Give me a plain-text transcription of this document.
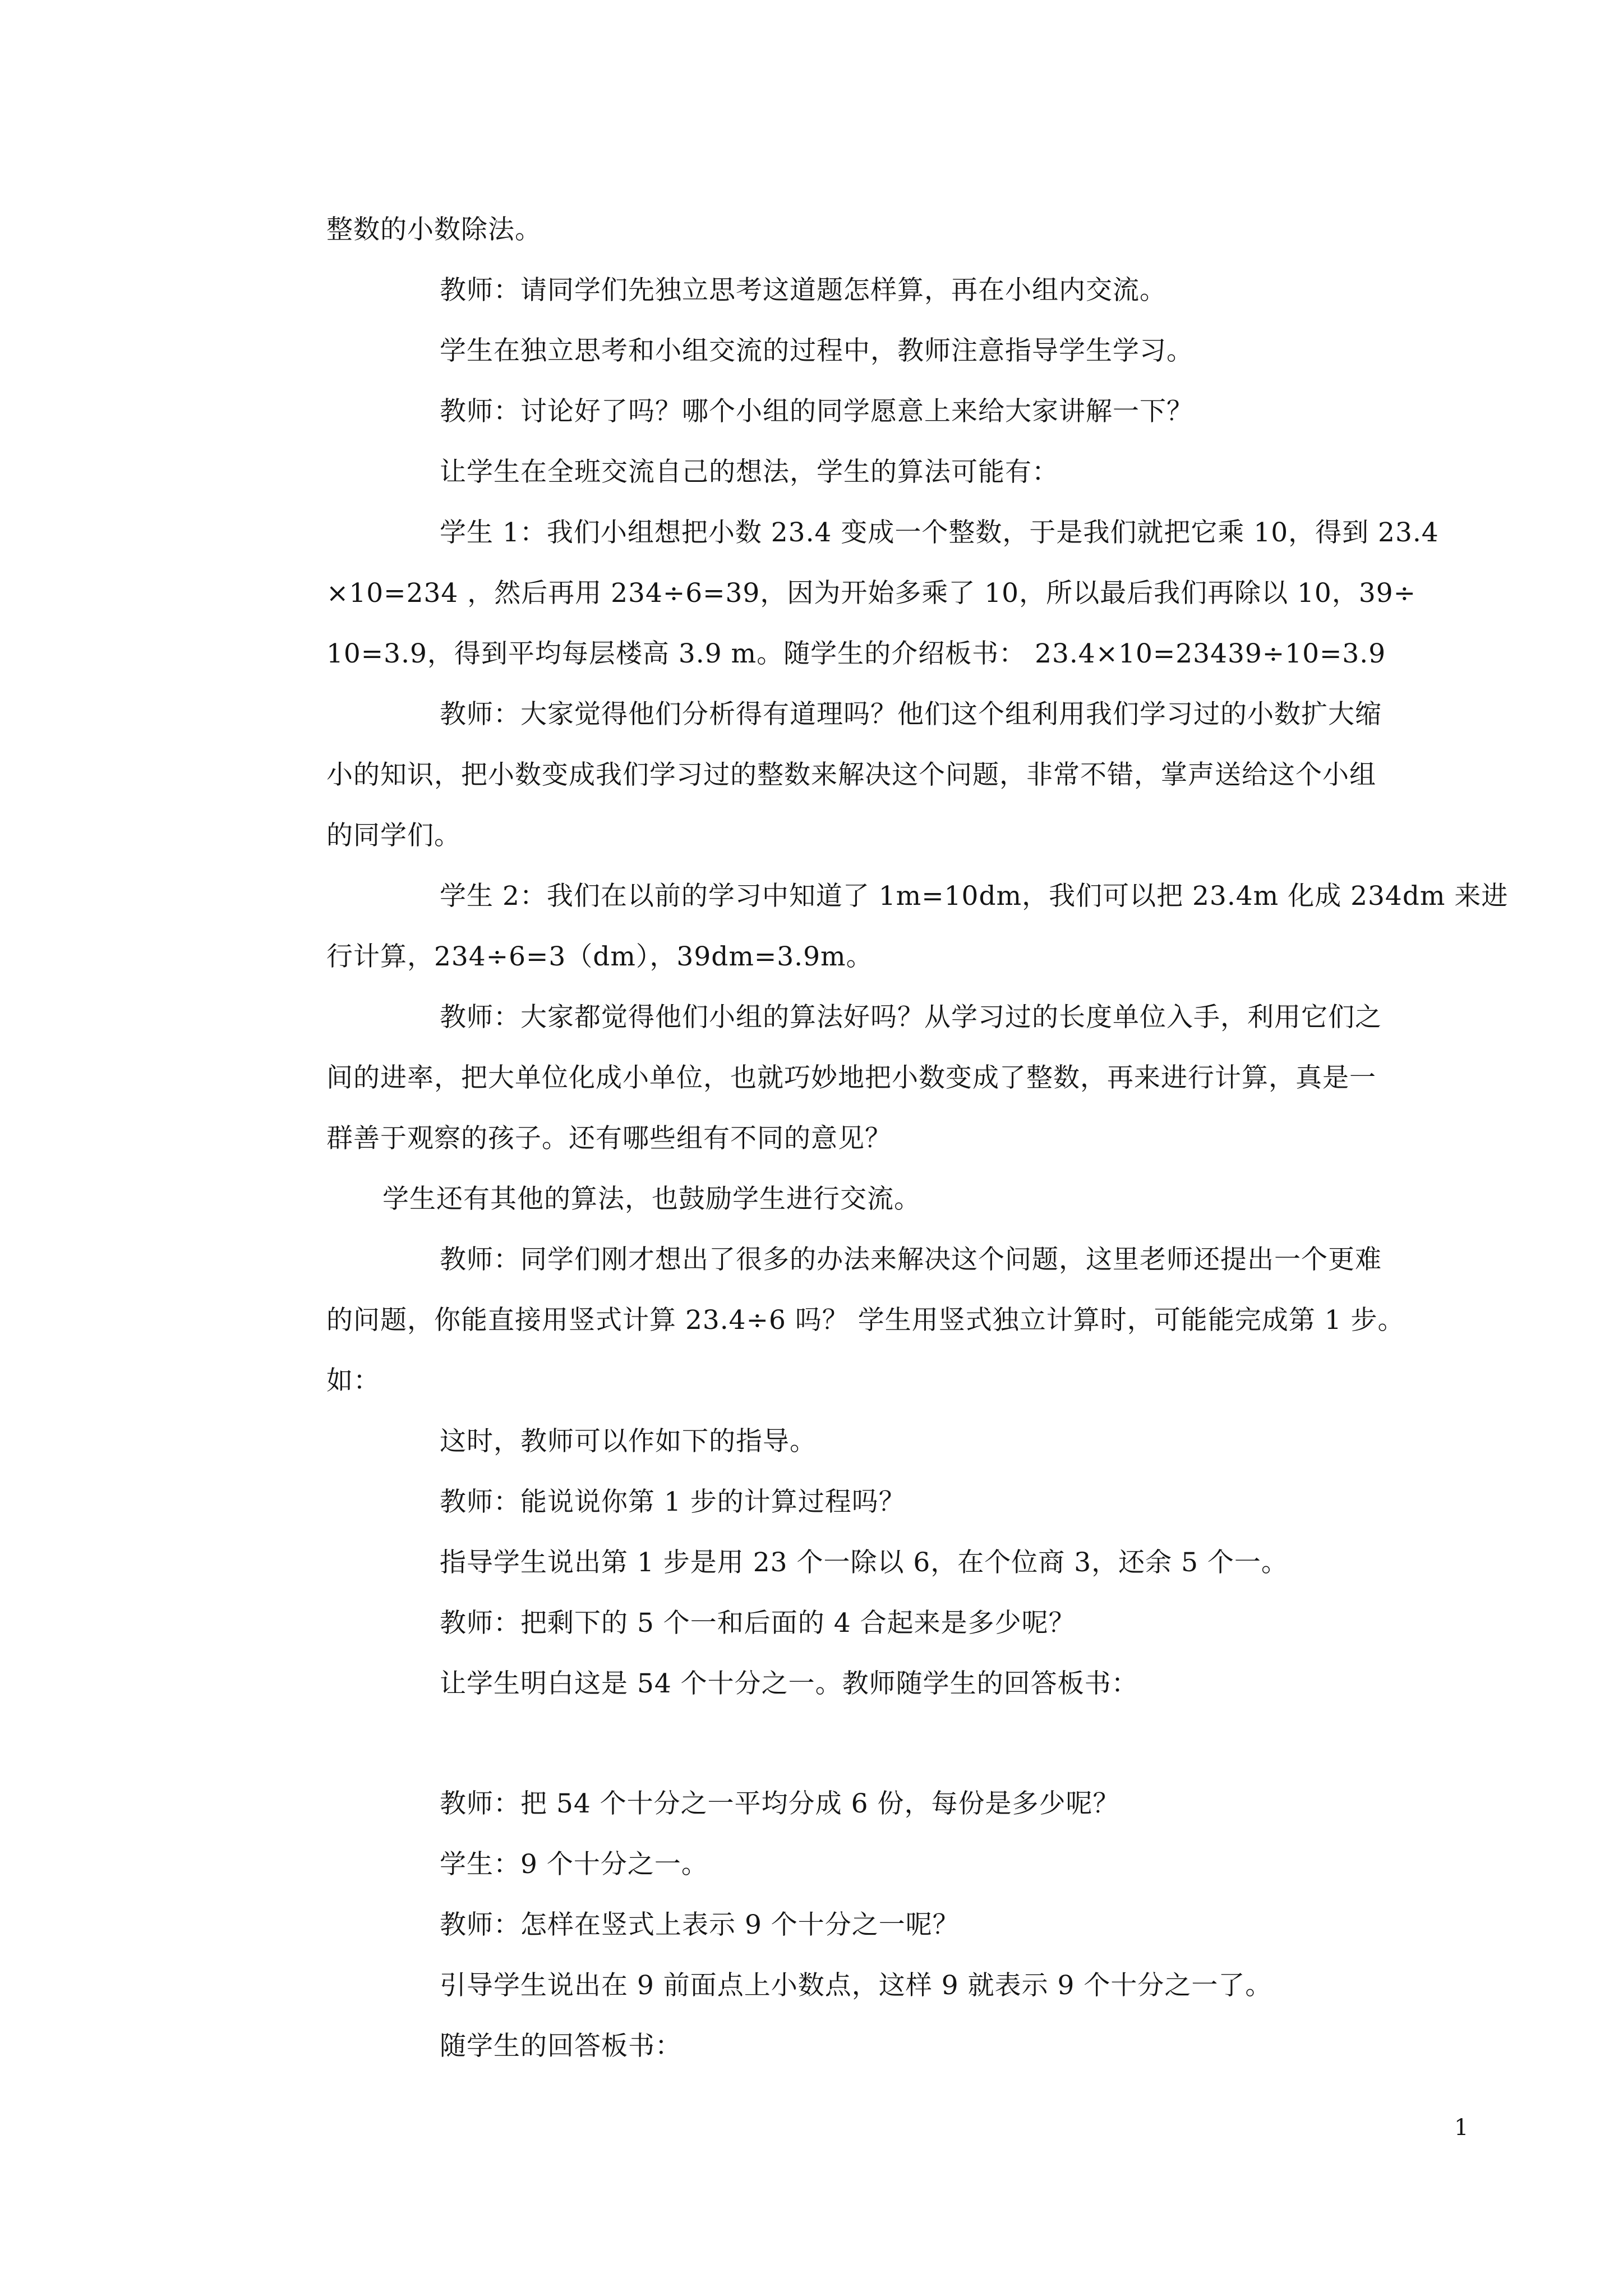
整数的小数除法。

教师：请同学们先独立思考这道题怎样算，再在小组内交流。

学生在独立思考和小组交流的过程中，教师注意指导学生学习。

教师：讨论好了吗？哪个小组的同学愿意上来给大家讲解一下？

让学生在全班交流自己的想法，学生的算法可能有：

学生 1：我们小组想把小数 23.4 变成一个整数，于是我们就把它乘 10，得到 23.4

×10=234 ，然后再用 234÷6=39，因为开始多乘了 10，所以最后我们再除以 10，39÷

10=3.9，得到平均每层楼高 3.9 m。随学生的介绍板书： 23.4×10=23439÷10=3.9

教师：大家觉得他们分析得有道理吗？他们这个组利用我们学习过的小数扩大缩

小的知识，把小数变成我们学习过的整数来解决这个问题，非常不错，掌声送给这个小组

的同学们。

学生 2：我们在以前的学习中知道了 1m=10dm，我们可以把 23.4m 化成 234dm 来进

行计算，234÷6=3（dm），39dm=3.9m。

教师：大家都觉得他们小组的算法好吗？从学习过的长度单位入手，利用它们之

间的进率，把大单位化成小单位，也就巧妙地把小数变成了整数，再来进行计算，真是一

群善于观察的孩子。还有哪些组有不同的意见？

学生还有其他的算法，也鼓励学生进行交流。

教师：同学们刚才想出了很多的办法来解决这个问题，这里老师还提出一个更难

的问题，你能直接用竖式计算 23.4÷6 吗？ 学生用竖式独立计算时，可能能完成第 1 步。

如：

这时，教师可以作如下的指导。

教师：能说说你第 1 步的计算过程吗？

指导学生说出第 1 步是用 23 个一除以 6，在个位商 3，还余 5 个一。

教师：把剩下的 5 个一和后面的 4 合起来是多少呢？

让学生明白这是 54 个十分之一。教师随学生的回答板书：

教师：把 54 个十分之一平均分成 6 份，每份是多少呢？

学生：9 个十分之一。

教师：怎样在竖式上表示 9 个十分之一呢？

引导学生说出在 9 前面点上小数点，这样 9 就表示 9 个十分之一了。

随学生的回答板书：

1
